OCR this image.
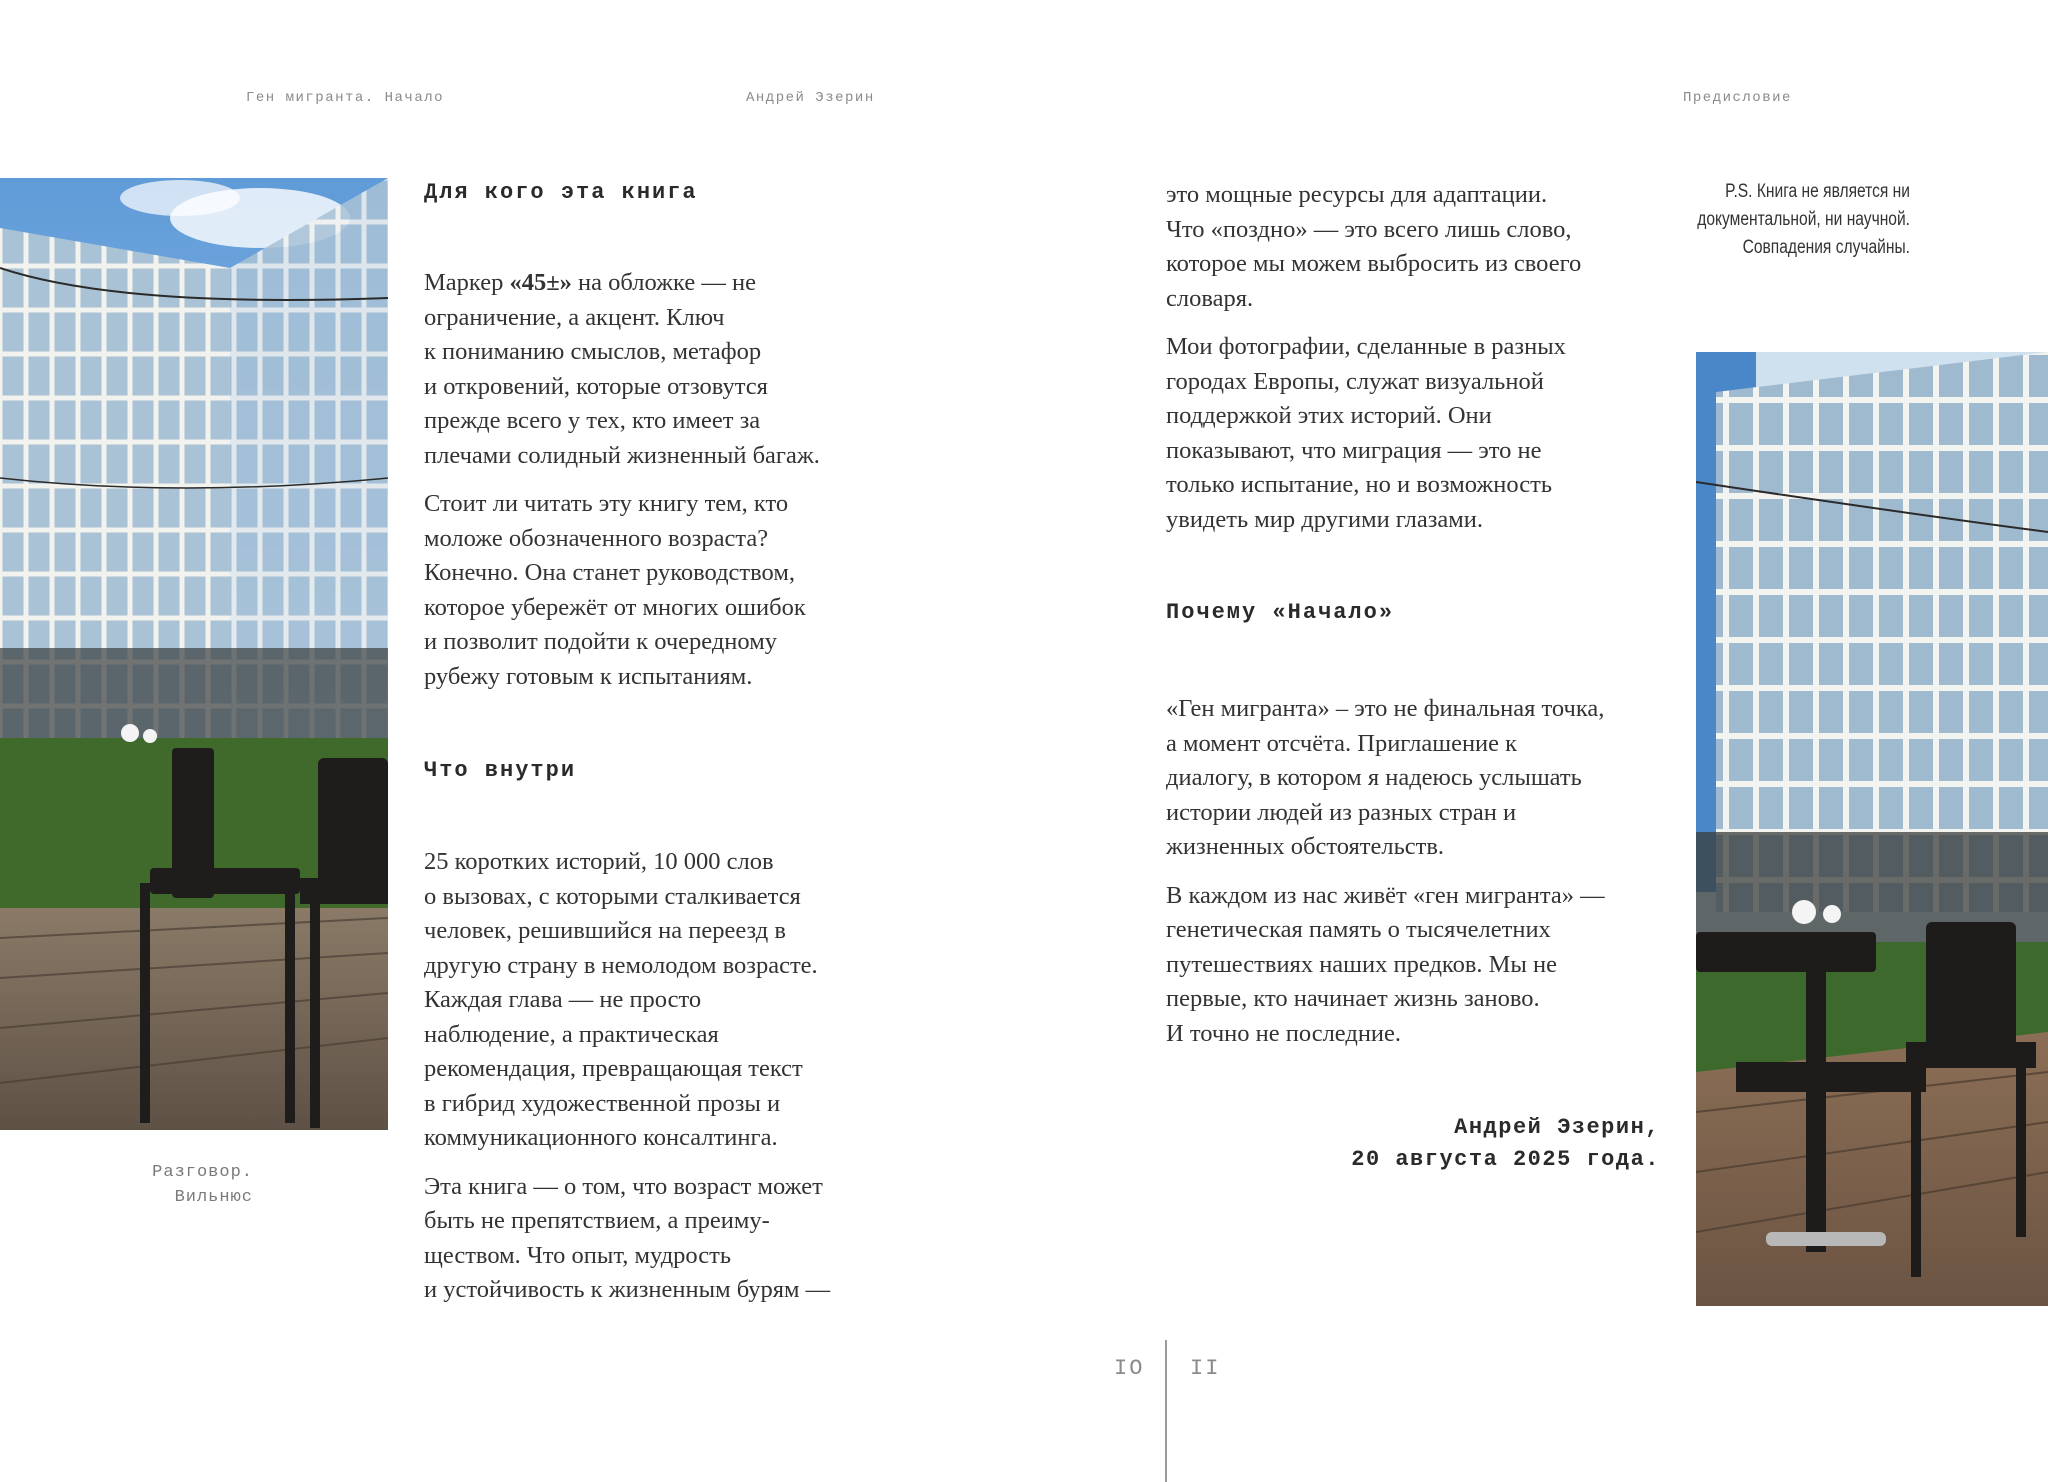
Ген мигранта. Начало	Андрей Эзерин	Предисловие
Разговор.
Вильнюс
Для кого эта книга

Маркер «45±» на обложке — не
ограничение, а акцент. Ключ
к пониманию смыслов, метафор
и откровений, которые отзовутся
прежде всего у тех, кто имеет за
плечами солидный жизненный багаж.

Стоит ли читать эту книгу тем, кто
моложе обозначенного возраста?
Конечно. Она станет руководством,
которое убережёт от многих ошибок
и позволит подойти к очередному
рубежу готовым к испытаниям.

Что внутри

25 коротких историй, 10 000 слов
о вызовах, с которыми сталкивается
человек, решившийся на переезд в
другую страну в немолодом возрасте.
Каждая глава — не просто
наблюдение, а практическая
рекомендация, превращающая текст
в гибрид художественной прозы и
коммуникационного консалтинга.

Эта книга — о том, что возраст может
быть не препятствием, а преиму-
ществом. Что опыт, мудрость
и устойчивость к жизненным бурям —

это мощные ресурсы для адаптации.
Что «поздно» — это всего лишь слово,
которое мы можем выбросить из своего
словаря.

Мои фотографии, сделанные в разных
городах Европы, служат визуальной
поддержкой этих историй. Они
показывают, что миграция — это не
только испытание, но и возможность
увидеть мир другими глазами.

Почему «Начало»

«Ген мигранта» – это не финальная точка,
а момент отсчёта. Приглашение к
диалогу, в котором я надеюсь услышать
истории людей из разных стран и
жизненных обстоятельств.

В каждом из нас живёт «ген мигранта» —
генетическая память о тысячелетних
путешествиях наших предков. Мы не
первые, кто начинает жизнь заново.
И точно не последние.

Андрей Эзерин,
20 августа 2025 года.
P.S. Книга не является ни документальной, ни научной. Совпадения случайны.
IO II
